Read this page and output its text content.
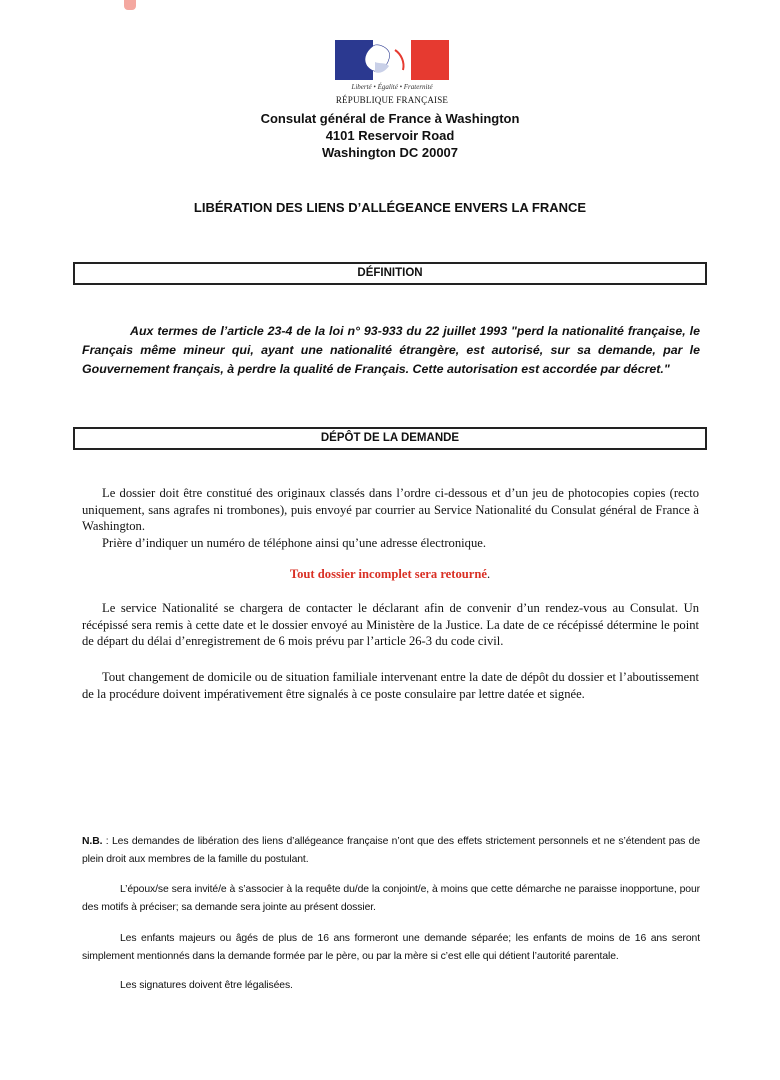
Liberté • Égalité • Fraternité
RÉPUBLIQUE FRANÇAISE
Consulat général de France à Washington
4101 Reservoir Road
Washington DC 20007
LIBÉRATION DES LIENS D’ALLÉGEANCE ENVERS LA FRANCE
DÉFINITION
Aux termes de l’article 23-4 de la loi n° 93-933 du 22 juillet 1993 "perd la nationalité française, le Français même mineur qui, ayant une nationalité étrangère, est autorisé, sur sa demande, par le Gouvernement français, à perdre la qualité de Français. Cette autorisation est accordée par décret."
DÉPÔT DE LA DEMANDE

Le dossier doit être constitué des originaux classés dans l’ordre ci-dessous et d’un jeu de photocopies copies (recto uniquement, sans agrafes ni trombones), puis envoyé par courrier au Service Nationalité du Consulat général de France à Washington.

Prière d’indiquer un numéro de téléphone ainsi qu’une adresse électronique.

Tout dossier incomplet sera retourné.

Le service Nationalité se chargera de contacter le déclarant afin de convenir d’un rendez-vous au Consulat. Un récépissé sera remis à cette date et le dossier envoyé au Ministère de la Justice. La date de ce récépissé détermine le point de départ du délai d’enregistrement de 6 mois prévu par l’article 26-3 du code civil.

Tout changement de domicile ou de situation familiale intervenant entre la date de dépôt du dossier et l’aboutissement de la procédure doivent impérativement être signalés à ce poste consulaire par lettre datée et signée.

N.B. : Les demandes de libération des liens d’allégeance française n’ont que des effets strictement personnels et ne s’étendent pas de plein droit aux membres de la famille du postulant.

L’époux/se sera invité/e à s’associer à la requête du/de la conjoint/e, à moins que cette démarche ne paraisse inopportune, pour des motifs à préciser; sa demande sera jointe au présent dossier.

Les enfants majeurs ou âgés de plus de 16 ans formeront une demande séparée; les enfants de moins de 16 ans seront simplement mentionnés dans la demande formée par le père, ou par la mère si c’est elle qui détient l’autorité parentale.

Les signatures doivent être légalisées.
